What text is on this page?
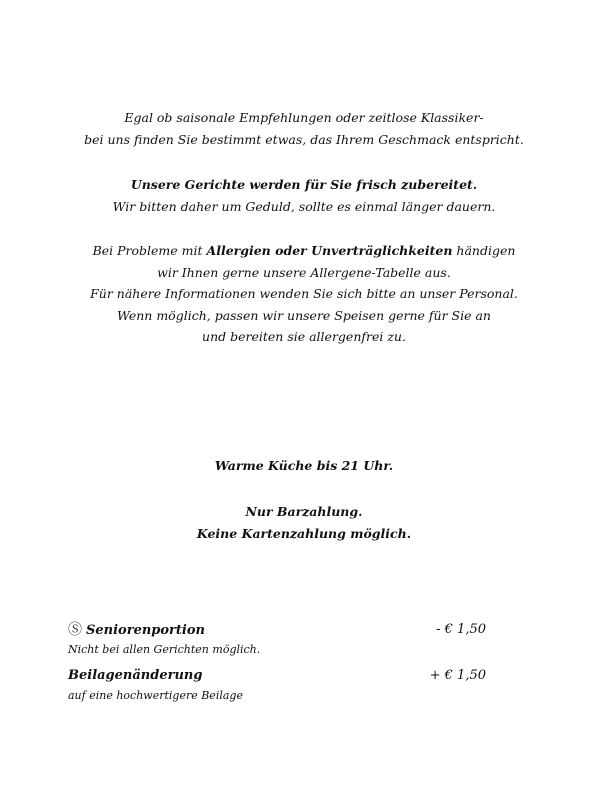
Egal ob saisonale Empfehlungen oder zeitlose Klassiker-
bei uns finden Sie bestimmt etwas, das Ihrem Geschmack entspricht.
Unsere Gerichte werden für Sie frisch zubereitet.
Wir bitten daher um Geduld, sollte es einmal länger dauern.
Bei Probleme mit Allergien oder Unverträglichkeiten händigen
wir Ihnen gerne unsere Allergene-Tabelle aus.
Für nähere Informationen wenden Sie sich bitte an unser Personal.
Wenn möglich, passen wir unsere Speisen gerne für Sie an
und bereiten sie allergenfrei zu.
Warme Küche bis 21 Uhr.
Nur Barzahlung.
Keine Kartenzahlung möglich.
Ⓢ Seniorenportion	- € 1,50
Nicht bei allen Gerichten möglich.
Beilagenänderung	+ € 1,50
auf eine hochwertigere Beilage
